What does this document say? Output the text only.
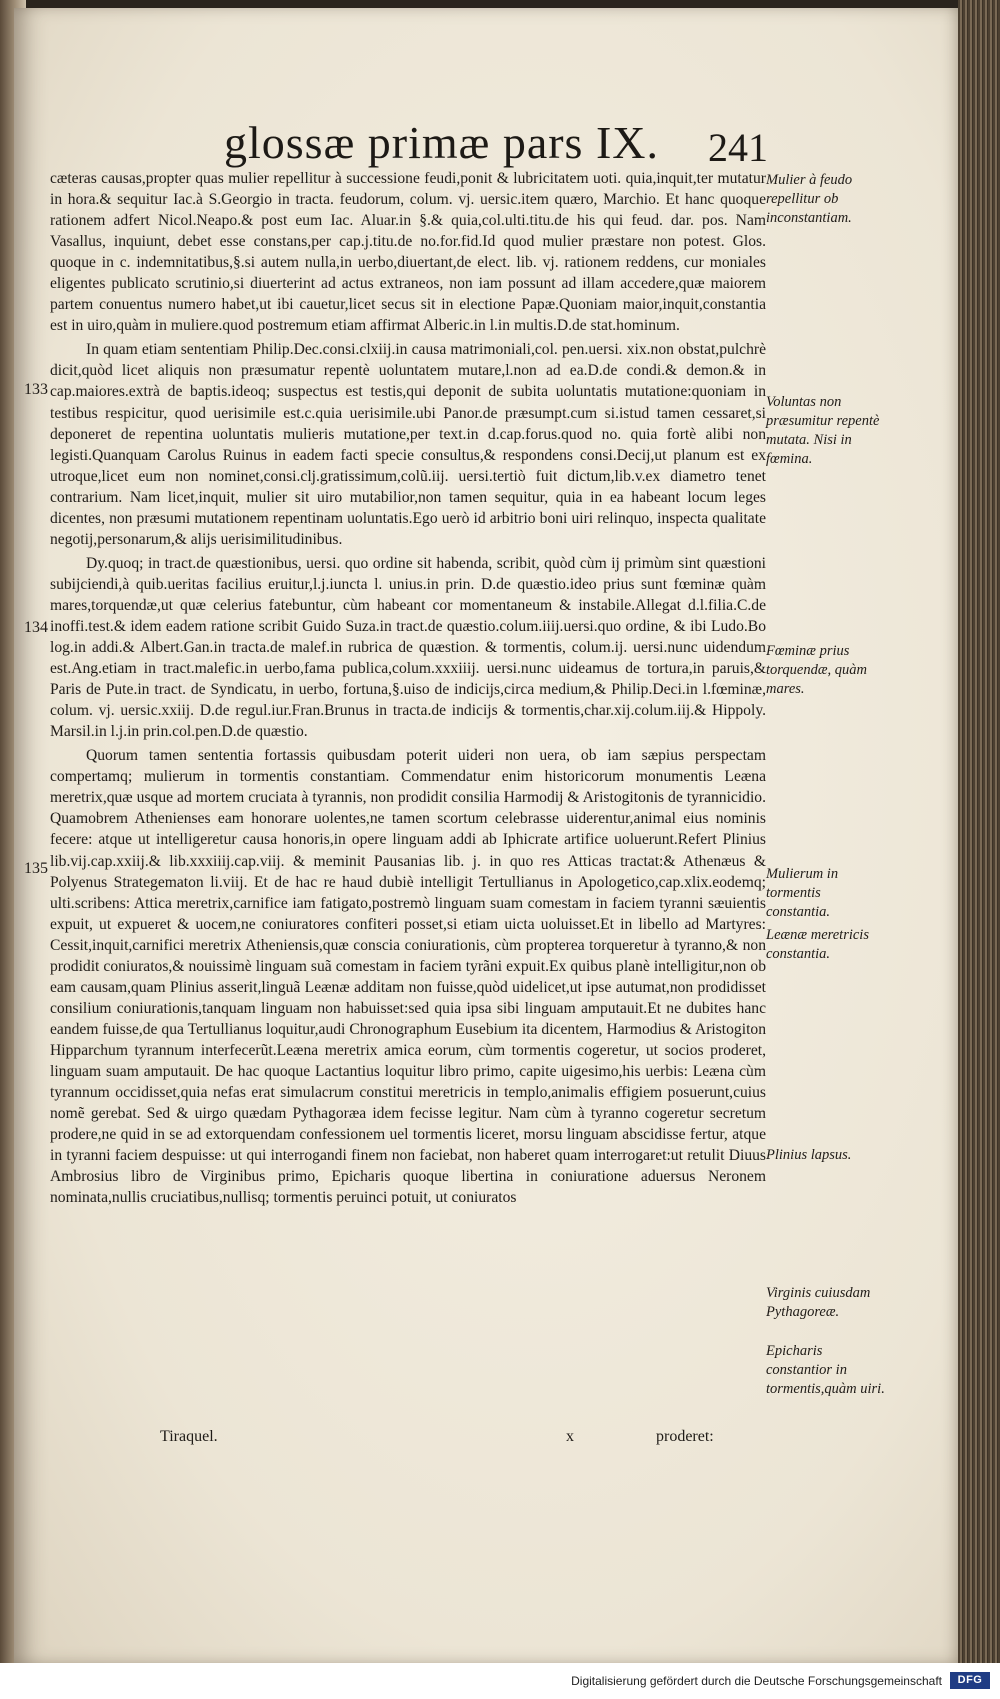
glossæ primæ pars IX. 241
133
134
135

cæteras causas,propter quas mulier repellitur à successione feudi,ponit & lubricitatem uoti. quia,inquit,ter mutatur in hora.& sequitur Iac.à S.Georgio in tracta. feudorum, colum. vj. uersic.item quæro, Marchio. Et hanc quoque rationem adfert Nicol.Neapo.& post eum Iac. Aluar.in §.& quia,col.ulti.titu.de his qui feud. dar. pos. Nam Vasallus, inquiunt, debet esse constans,per cap.j.titu.de no.for.fid.Id quod mulier præstare non potest. Glos. quoque in c. indemnitatibus,§.si autem nulla,in uerbo,diuertant,de elect. lib. vj. rationem reddens, cur moniales eligentes publicato scrutinio,si diuerterint ad actus extraneos, non iam possunt ad illam accedere,quæ maiorem partem conuentus numero habet,ut ibi cauetur,licet secus sit in electione Papæ.Quoniam maior,inquit,constantia est in uiro,quàm in muliere.quod postremum etiam affirmat Alberic.in l.in multis.D.de stat.hominum.

In quam etiam sententiam Philip.Dec.consi.clxiij.in causa matrimoniali,col. pen.uersi. xix.non obstat,pulchrè dicit,quòd licet aliquis non præsumatur repentè uoluntatem mutare,l.non ad ea.D.de condi.& demon.& in cap.maiores.extrà de baptis.ideoq; suspectus est testis,qui deponit de subita uoluntatis mutatione:quoniam in testibus respicitur, quod uerisimile est.c.quia uerisimile.ubi Panor.de præsumpt.cum si.istud tamen cessaret,si deponeret de repentina uoluntatis mulieris mutatione,per text.in d.cap.forus.quod no. quia fortè alibi non legisti.Quanquam Carolus Ruinus in eadem facti specie consultus,& respondens consi.Decij,ut planum est ex utroque,licet eum non nominet,consi.clj.gratissimum,colũ.iij. uersi.tertiò fuit dictum,lib.v.ex diametro tenet contrarium. Nam licet,inquit, mulier sit uiro mutabilior,non tamen sequitur, quia in ea habeant locum leges dicentes, non præsumi mutationem repentinam uoluntatis.Ego uerò id arbitrio boni uiri relinquo, inspecta qualitate negotij,personarum,& alijs uerisimilitudinibus.

Dy.quoq; in tract.de quæstionibus, uersi. quo ordine sit habenda, scribit, quòd cùm ij primùm sint quæstioni subijciendi,à quib.ueritas facilius eruitur,l.j.iuncta l. unius.in prin. D.de quæstio.ideo prius sunt fœminæ quàm mares,torquendæ,ut quæ celerius fatebuntur, cùm habeant cor momentaneum & instabile.Allegat d.l.filia.C.de inoffi.test.& idem eadem ratione scribit Guido Suza.in tract.de quæstio.colum.iiij.uersi.quo ordine, & ibi Ludo.Bo log.in addi.& Albert.Gan.in tracta.de malef.in rubrica de quæstion. & tormentis, colum.ij. uersi.nunc uidendum est.Ang.etiam in tract.malefic.in uerbo,fama publica,colum.xxxiiij. uersi.nunc uideamus de tortura,in paruis,& Paris de Pute.in tract. de Syndicatu, in uerbo, fortuna,§.uiso de indicijs,circa medium,& Philip.Deci.in l.fœminæ, colum. vj. uersic.xxiij. D.de regul.iur.Fran.Brunus in tracta.de indicijs & tormentis,char.xij.colum.iij.& Hippoly. Marsil.in l.j.in prin.col.pen.D.de quæstio.

Quorum tamen sententia fortassis quibusdam poterit uideri non uera, ob iam sæpius perspectam compertamq; mulierum in tormentis constantiam. Commendatur enim historicorum monumentis Leæna meretrix,quæ usque ad mortem cruciata à tyrannis, non prodidit consilia Harmodij & Aristogitonis de tyrannicidio. Quamobrem Athenienses eam honorare uolentes,ne tamen scortum celebrasse uiderentur,animal eius nominis fecere: atque ut intelligeretur causa honoris,in opere linguam addi ab Iphicrate artifice uoluerunt.Refert Plinius lib.vij.cap.xxiij.& lib.xxxiiij.cap.viij. & meminit Pausanias lib. j. in quo res Atticas tractat:& Athenæus & Polyenus Strategematon li.viij. Et de hac re haud dubiè intelligit Tertullianus in Apologetico,cap.xlix.eodemq; ulti.scribens: Attica meretrix,carnifice iam fatigato,postremò linguam suam comestam in faciem tyranni sæuientis expuit, ut expueret & uocem,ne coniuratores confiteri posset,si etiam uicta uoluisset.Et in libello ad Martyres: Cessit,inquit,carnifici meretrix Atheniensis,quæ conscia coniurationis, cùm propterea torqueretur à tyranno,& non prodidit coniuratos,& nouissimè linguam suã comestam in faciem tyrãni expuit.Ex quibus planè intelligitur,non ob eam causam,quam Plinius asserit,linguã Leænæ additam non fuisse,quòd uidelicet,ut ipse autumat,non prodidisset consilium coniurationis,tanquam linguam non habuisset:sed quia ipsa sibi linguam amputauit.Et ne dubites hanc eandem fuisse,de qua Tertullianus loquitur,audi Chronographum Eusebium ita dicentem, Harmodius & Aristogiton Hipparchum tyrannum interfecerũt.Leæna meretrix amica eorum, cùm tormentis cogeretur, ut socios proderet, linguam suam amputauit. De hac quoque Lactantius loquitur libro primo, capite uigesimo,his uerbis: Leæna cùm tyrannum occidisset,quia nefas erat simulacrum constitui meretricis in templo,animalis effigiem posuerunt,cuius nomẽ gerebat. Sed & uirgo quædam Pythagoræa idem fecisse legitur. Nam cùm à tyranno cogeretur secretum prodere,ne quid in se ad extorquendam confessionem uel tormentis liceret, morsu linguam abscidisse fertur, atque in tyranni faciem despuisse: ut qui interrogandi finem non faciebat, non haberet quam interrogaret:ut retulit Diuus Ambrosius libro de Virginibus primo, Epicharis quoque libertina in coniuratione aduersus Neronem nominata,nullis cruciatibus,nullisq; tormentis peruinci potuit, ut coniuratos

Mulier à feudo repellitur ob inconstantiam.
Voluntas non præsumitur repentè mutata. Nisi in fœmina.
Fœminæ prius torquendæ, quàm mares.
Mulierum in tormentis constantia.
Leænæ meretricis constantia.
Plinius lapsus.
Virginis cuiusdam Pythagoreæ.
Epicharis constantior in tormentis,quàm uiri.
Tiraquel.	x	proderet:
Digitalisierung gefördert durch die Deutsche Forschungsgemeinschaft	DFG
